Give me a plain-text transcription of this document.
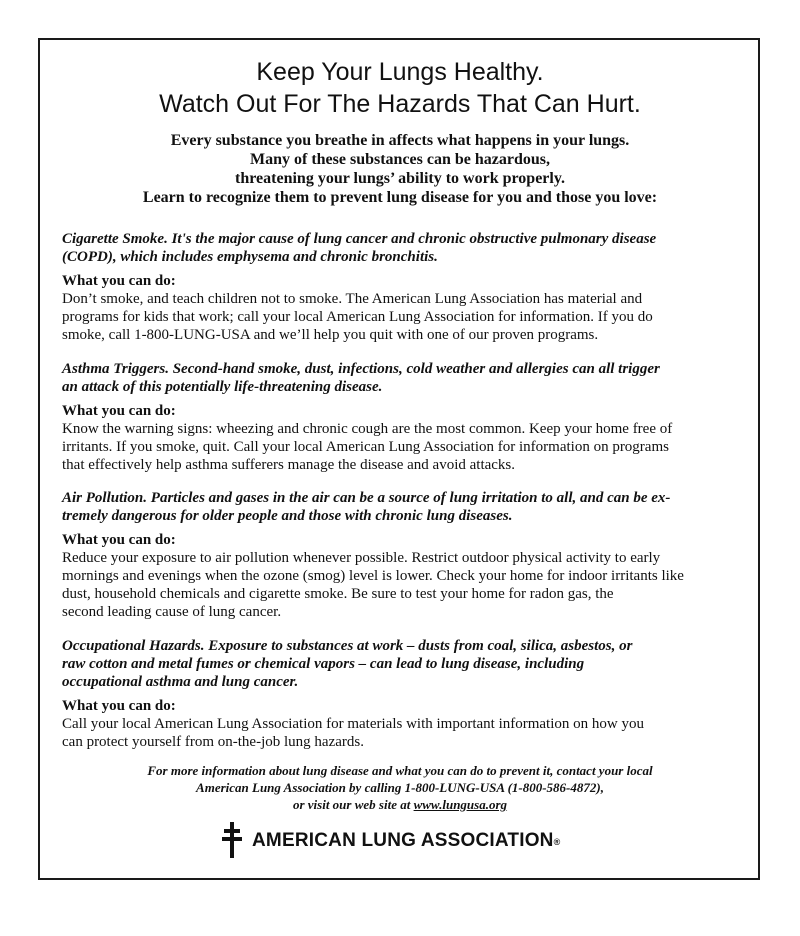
Keep Your Lungs Healthy.
Watch Out For The Hazards That Can Hurt.
Every substance you breathe in affects what happens in your lungs.
Many of these substances can be hazardous,
threatening your lungs’ ability to work properly.
Learn to recognize them to prevent lung disease for you and those you love:
Cigarette Smoke. It's the major cause of lung cancer and chronic obstructive pulmonary disease
(COPD), which includes emphysema and chronic bronchitis.
What you can do:
Don’t smoke, and teach children not to smoke. The American Lung Association has material and
programs for kids that work; call your local American Lung Association for information. If you do
smoke, call 1-800-LUNG-USA and we’ll help you quit with one of our proven programs.
Asthma Triggers. Second-hand smoke, dust, infections, cold weather and allergies can all trigger
an attack of this potentially life-threatening disease.
What you can do:
Know the warning signs: wheezing and chronic cough are the most common. Keep your home free of
irritants. If you smoke, quit. Call your local American Lung Association for information on programs
that effectively help asthma sufferers manage the disease and avoid attacks.
Air Pollution. Particles and gases in the air can be a source of lung irritation to all, and can be ex-
tremely dangerous for older people and those with chronic lung diseases.
What you can do:
Reduce your exposure to air pollution whenever possible. Restrict outdoor physical activity to early
mornings and evenings when the ozone (smog) level is lower. Check your home for indoor irritants like
dust, household chemicals and cigarette smoke. Be sure to test your home for radon gas, the
second leading cause of lung cancer.
Occupational Hazards. Exposure to substances at work – dusts from coal, silica, asbestos, or
raw cotton and metal fumes or chemical vapors – can lead to lung disease, including
occupational asthma and lung cancer.
What you can do:
Call your local American Lung Association for materials with important information on how you
can protect yourself from on-the-job lung hazards.
For more information about lung disease and what you can do to prevent it, contact your local
American Lung Association by calling 1-800-LUNG-USA (1-800-586-4872),
or visit our web site at www.lungusa.org
AMERICAN LUNG ASSOCIATION®
